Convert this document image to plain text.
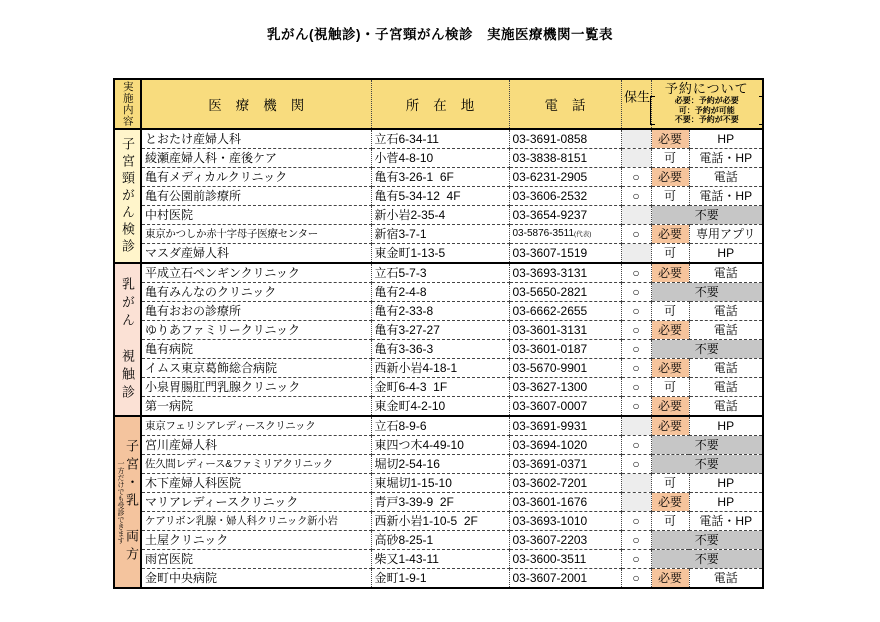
乳がん(視触診)・子宮頸がん検診　実施医療機関一覧表
実施内容	医療機関	所在地	電話	生保	予約について
必要：予約が必要
可：予約が可能
不要：予約が不要	

子宮頸がん検診	とおたけ産婦人科	立石6-34-11	03-3691-0858		必要	HP
	綾瀬産婦人科・産後ケア	小菅4-8-10	03-3838-8151		可	電話・HP
	亀有メディカルクリニック	亀有3-26-1  6F	03-6231-2905	○	必要	電話
	亀有公園前診療所	亀有5-34-12  4F	03-3606-2532	○	可	電話・HP
	中村医院	新小岩2-35-4	03-3654-9237		不要	
	東京かつしか赤十字母子医療センター	新宿3-7-1	03-5876-3511(代表)	○	必要	専用アプリ
	マスダ産婦人科	東金町1-13-5	03-3607-1519		可	HP

乳がん　視触診	平成立石ペンギンクリニック	立石5-7-3	03-3693-3131	○	必要	電話
	亀有みんなのクリニック	亀有2-4-8	03-5650-2821	○	不要	
	亀有おおの診療所	亀有2-33-8	03-6662-2655	○	可	電話
	ゆりあファミリークリニック	亀有3-27-27	03-3601-3131	○	必要	電話
	亀有病院	亀有3-36-3	03-3601-0187	○	不要	
	イムス東京葛飾総合病院	西新小岩4-18-1	03-5670-9901	○	必要	電話
	小泉胃腸肛門乳腺クリニック	金町6-4-3  1F	03-3627-1300	○	可	電話
	第一病院	東金町4-2-10	03-3607-0007	○	必要	電話

子宮・乳　両方
一方だけでも受診できます	東京フェリシアレディースクリニック	立石8-9-6	03-3691-9931		必要	HP
	宮川産婦人科	東四つ木4-49-10	03-3694-1020	○	不要	
	佐久間レディース&ファミリアクリニック	堀切2-54-16	03-3691-0371	○	不要	
	木下産婦人科医院	東堀切1-15-10	03-3602-7201		可	HP
	マリアレディースクリニック	青戸3-39-9  2F	03-3601-1676		必要	HP
	ケアリボン乳腺・婦人科クリニック新小岩	西新小岩1-10-5  2F	03-3693-1010	○	可	電話・HP
	土屋クリニック	高砂8-25-1	03-3607-2203	○	不要	
	雨宮医院	柴又1-43-11	03-3600-3511	○	不要	
	金町中央病院	金町1-9-1	03-3607-2001	○	必要	電話
